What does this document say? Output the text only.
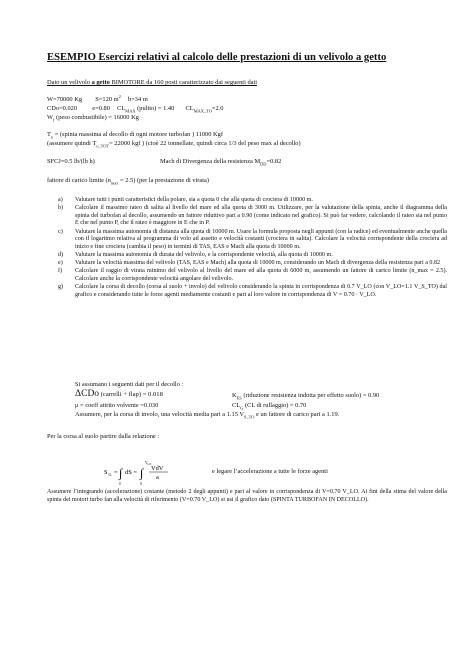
ESEMPIO Esercizi relativi al calcolo delle prestazioni di un velivolo a getto
Dato un velivolo a getto BIMOTORE da 160 posti caratterizzato dai seguenti dati
W=70000 Kg S=120 $m^2$ b=34 m
CDo=0.020 e=0.80 $CL_{MAX}$ (pulito) = 1.40 $CL_{MAX\_TO}=2.0$
$W_f$ (peso combustibile) = 16000 Kg
$T_o$ = (spinta massima al decollo di ogni motore turbofan ) 11000 Kgf
(assumere quindi $T_{o\_TOT}= 22000$ kgf ) (cioè 22 tonnellate, quindi circa 1/3 del peso max al decollo)
SFCJ=0.5 lb/(lb h)	Mach di Divergenza della resistenza $M_{DD}=0.82$
fattore di carico limite $(n_{max} = 2.5)$ (per la prestazione di virata)
a) Valutare tutti i punti caratteristici della polare, sia a quota 0 che alla quota di crociera di 10000 m.
b) Calcolare il massimo rateo di salita al livello del mare ed alla quota di 3000 m. Utilizzare, per la valutazione della spinta, anche il diagramma della spinta del turbofan al decollo, assumendo un fattore riduttivo pari a 0.90 (come indicato nel grafico). Si può far vedere, calcolando il rateo sia nel punto E che nel punto P, che il rateo è maggiore in E che in P.
c) Valutare la massima autonomia di distanza alla quota di 10000 m. Usare la formula proposta negli appunti (con la radice) ed eventualmente anche quella con il logaritmo relativa al programma di volo ad assetto e velocità costanti (crociera in salita). Calcolare la velocità corrispondente della crociera ad inizio e fine crociera (cambia il peso) in termini di TAS, EAS e Mach alla quota di 10000 m.
d) Valutare la massima autonomia di durata del velivolo, e la corrispondente velocità, alla quota di 10000 m.
e) Valutare la velocità massima del velivolo (TAS, EAS e Mach) alla quota di 10000 m, considerando un Mach di divergenza della resistenza pari a 0.82
f) Calcolare il raggio di virata minimo del velivolo al livello del mare ed alla quota di 6000 m, assumendo un fattore di carico limite (n_max = 2.5). Calcolare anche la corrispondente velocità angolare del velivolo.
g) Calcolare la corsa di decollo (corsa al suolo + involo) del velivolo considerando la spinta in corrispondenza di 0.7 V_LO (con V_LO=1.1 V_S_TO) dal grafico e considerando tutte le forze agenti mediamente costanti e pari al loro valore in corrispondenza di V = 0.70 · V_LO.
Si assumano i seguenti dati per il decollo :
ΔCDo (carrelli + flap) = 0.018	$K_{ES}$ (riduzione resistenza indotta per effetto suolo) = 0.90
μ = coeff attrito volvente =0.030	$CL_G$ (CL di rullaggio) = 0.70
Assumere, per la corsa di involo, una velocità media pari a 1.15 $V_{S\_TO}$ e un fattore di carico pari a 1.19.
Per la corsa al suolo partire dalla relazione :
S G = ∫
0
dS = ∫
V LO
0
VdV
a
e legare l’accelerazione a tutte le forze agenti
Assumere l’integrando (accelerazione) costante (metodo 2 degli appunti) e pari al valore in corrispondenza di V=0.70 V_LO. Ai fini della stima del valore della spinta dei motori turbo fan alla velocità di riferimento (V=0.70 V_LO) si usi il grafico dato (SPINTA TURBOFAN IN DECOLLO).
